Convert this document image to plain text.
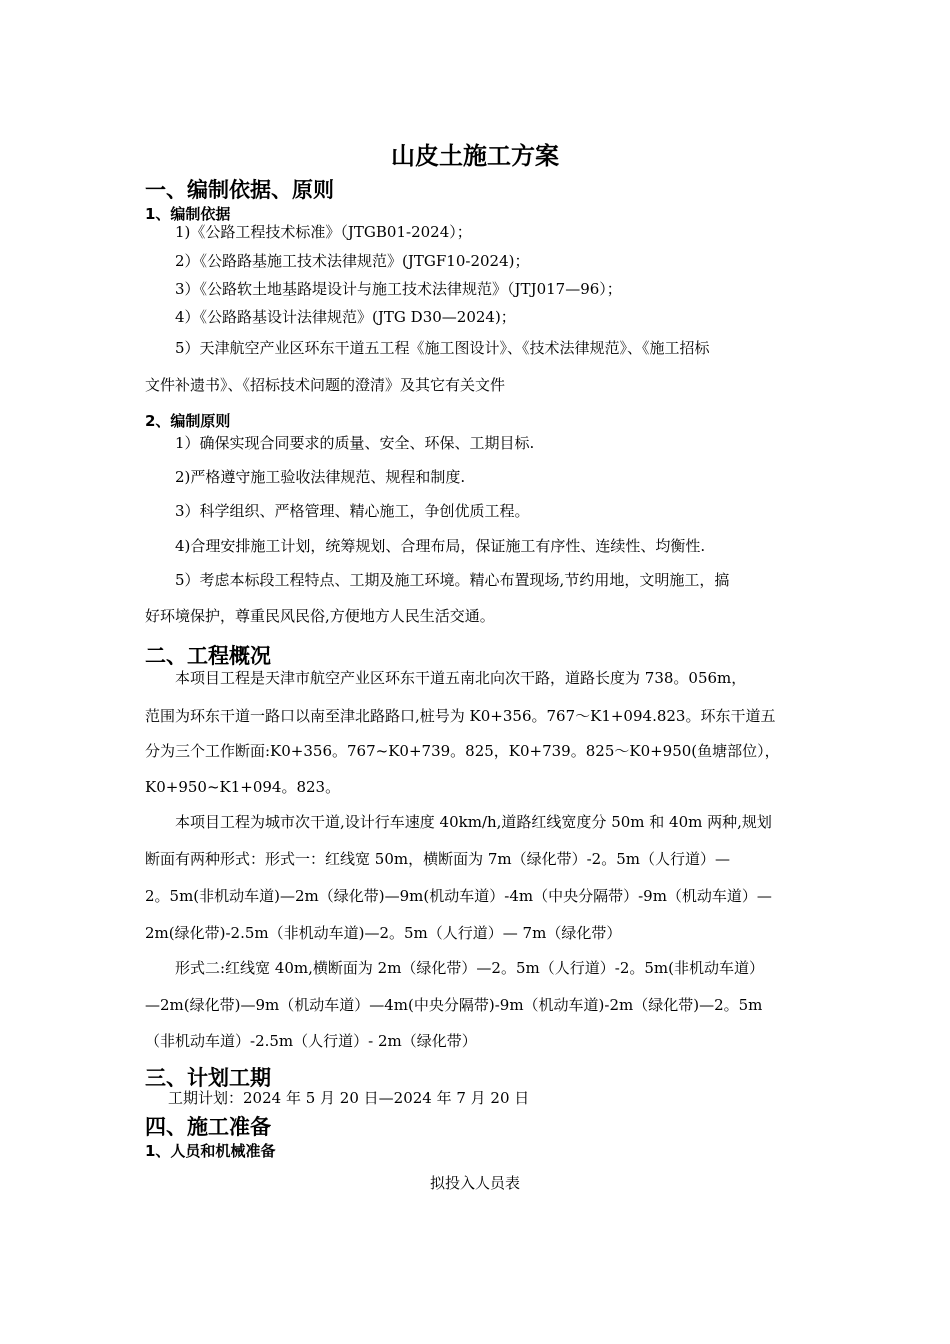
山皮土施工方案
一、编制依据、原则
1、编制依据
1)《公路工程技术标准》（JTGB01-2024）；
2）《公路路基施工技术法律规范》(JTGF10-2024)；
3）《公路软土地基路堤设计与施工技术法律规范》（JTJ017—96）；
4）《公路路基设计法律规范》(JTG D30—2024)；
5）天津航空产业区环东干道五工程《施工图设计》、《技术法律规范》、《施工招标
文件补遗书》、《招标技术问题的澄清》及其它有关文件
2、编制原则
1）确保实现合同要求的质量、安全、环保、工期目标.
2)严格遵守施工验收法律规范、规程和制度.
3）科学组织、严格管理、精心施工，争创优质工程。
4)合理安排施工计划，统筹规划、合理布局，保证施工有序性、连续性、均衡性.
5）考虑本标段工程特点、工期及施工环境。精心布置现场,节约用地，文明施工，搞
好环境保护，尊重民风民俗,方便地方人民生活交通。
二、工程概况
本项目工程是天津市航空产业区环东干道五南北向次干路，道路长度为 738。056m，
范围为环东干道一路口以南至津北路路口,桩号为 K0+356。767～K1+094.823。环东干道五
分为三个工作断面:K0+356。767~K0+739。825，K0+739。825～K0+950(鱼塘部位），
K0+950~K1+094。823。
本项目工程为城市次干道,设计行车速度 40km/h,道路红线宽度分 50m 和 40m 两种,规划
断面有两种形式：形式一：红线宽 50m，横断面为 7m（绿化带）-2。5m（人行道）—
2。5m(非机动车道)—2m（绿化带)—9m(机动车道）-4m（中央分隔带）-9m（机动车道）—
2m(绿化带)-2.5m（非机动车道)—2。5m（人行道）— 7m（绿化带）
形式二:红线宽 40m,横断面为 2m（绿化带）—2。5m（人行道）-2。5m(非机动车道）
—2m(绿化带)—9m（机动车道）—4m(中央分隔带)-9m（机动车道)-2m（绿化带)—2。5m
（非机动车道）-2.5m（人行道）- 2m（绿化带）
三、计划工期
工期计划：2024 年 5 月 20 日—2024 年 7 月 20 日
四、施工准备
1、人员和机械准备
拟投入人员表
